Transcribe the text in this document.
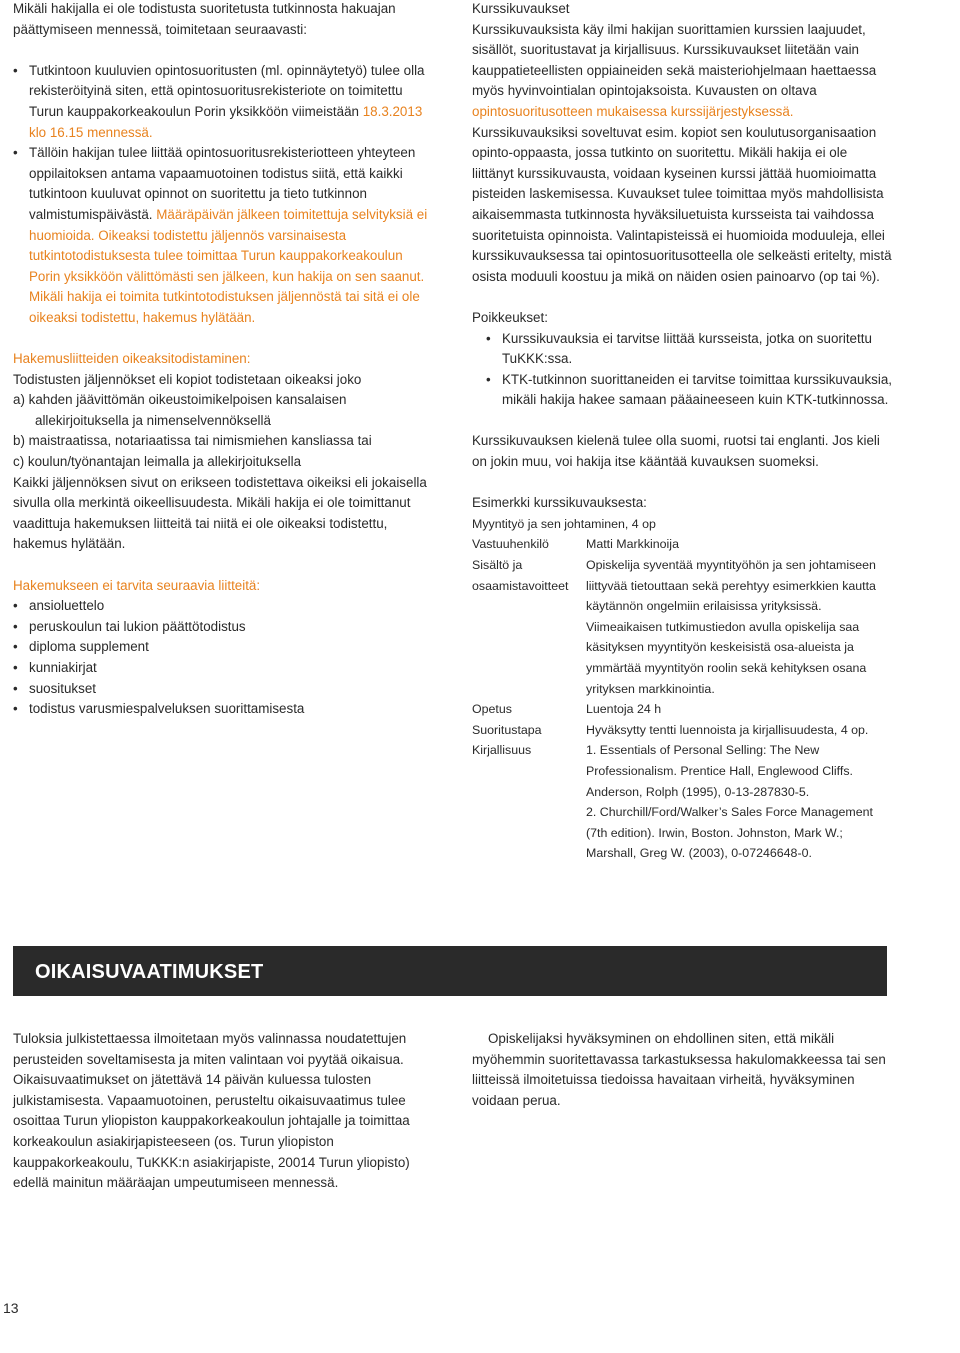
Mikäli hakijalla ei ole todistusta suoritetusta tutkinnosta hakuajan päättymiseen mennessä, toimitetaan seuraavasti:

• Tutkintoon kuuluvien opintosuoritusten (ml. opinnäytetyö) tulee olla rekisteröityinä siten, että opintosuoritusrekisteriote on toimitettu Turun kauppakorkeakoulun Porin yksikköön viimeistään 18.3.2013 klo 16.15 mennessä.
• Tällöin hakijan tulee liittää opintosuoritusrekisteriotteen yhteyteen oppilaitoksen antama vapaamuotoinen todistus siitä, että kaikki tutkintoon kuuluvat opinnot on suoritettu ja tieto tutkinnon valmistumispäivästä. Määräpäivän jälkeen toimitettuja selvityksiä ei huomioida. Oikeaksi todistettu jäljennös varsinaisesta tutkintotodistuksesta tulee toimittaa Turun kauppakorkeakoulun Porin yksikköön välittömästi sen jälkeen, kun hakija on sen saanut. Mikäli hakija ei toimita tutkintotodistuksen jäljennöstä tai sitä ei ole oikeaksi todistettu, hakemus hylätään.

Hakemusliitteiden oikeaksitodistaminen:

Todistusten jäljennökset eli kopiot todistetaan oikeaksi joko

a) kahden jäävittömän oikeustoimikelpoisen kansalaisen allekirjoituksella ja nimenselvennöksellä

b) maistraatissa, notariaatissa tai nimismiehen kansliassa tai

c) koulun/työnantajan leimalla ja allekirjoituksella

Kaikki jäljennöksen sivut on erikseen todistettava oikeiksi eli jokaisella sivulla olla merkintä oikeellisuudesta. Mikäli hakija ei ole toimittanut vaadittuja hakemuksen liitteitä tai niitä ei ole oikeaksi todistettu, hakemus hylätään.

Hakemukseen ei tarvita seuraavia liitteitä:

• ansioluettelo
• peruskoulun tai lukion päättötodistus
• diploma supplement
• kunniakirjat
• suositukset
• todistus varusmiespalveluksen suorittamisesta

Kurssikuvaukset

Kurssikuvauksista käy ilmi hakijan suorittamien kurssien laajuudet, sisällöt, suoritustavat ja kirjallisuus. Kurssikuvaukset liitetään vain kauppatieteellisten oppiaineiden sekä maisteriohjelmaan haettaessa myös hyvinvointialan opintojaksoista. Kuvausten on oltava opintosuoritusotteen mukaisessa kurssijärjestyksessä. Kurssikuvauksiksi soveltuvat esim. kopiot sen koulutusorganisaation opinto-oppaasta, jossa tutkinto on suoritettu. Mikäli hakija ei ole liittänyt kurssikuvausta, voidaan kyseinen kurssi jättää huomioimatta pisteiden laskemisessa. Kuvaukset tulee toimittaa myös mahdollisista aikaisemmasta tutkinnosta hyväksiluetuista kursseista tai vaihdossa suoritetuista opinnoista. Valintapisteissä ei huomioida moduuleja, ellei kurssikuvauksessa tai opintosuoritusotteella ole selkeästi eritelty, mistä osista moduuli koostuu ja mikä on näiden osien painoarvo (op tai %).

Poikkeukset:

• Kurssikuvauksia ei tarvitse liittää kursseista, jotka on suoritettu TuKKK:ssa.
• KTK-tutkinnon suorittaneiden ei tarvitse toimittaa kurssikuvauksia, mikäli hakija hakee samaan pääaineeseen kuin KTK-tutkinnossa.

Kurssikuvauksen kielenä tulee olla suomi, ruotsi tai englanti. Jos kieli on jokin muu, voi hakija itse kääntää kuvauksen suomeksi.

Esimerkki kurssikuvauksesta:

Myyntityö ja sen johtaminen, 4 op

Vastuuhenkilö	Matti Markkinoija
Sisältö ja
osaamistavoitteet	Opiskelija syventää myyntityöhön ja sen johtamiseen liittyvää tietouttaan sekä perehtyy esimerkkien kautta käytännön ongelmiin erilaisissa yrityksissä. Viimeaikaisen tutkimustiedon avulla opiskelija saa käsityksen myyntityön keskeisistä osa-alueista ja ymmärtää myyntityön roolin sekä kehityksen osana yrityksen markkinointia.
Opetus	Luentoja 24 h
Suoritustapa	Hyväksytty tentti luennoista ja kirjallisuudesta, 4 op.
Kirjallisuus	1. Essentials of Personal Selling: The New Professionalism. Prentice Hall, Englewood Cliffs. Anderson, Rolph (1995), 0-13-287830-5.
2. Churchill/Ford/Walker’s Sales Force Management (7th edition). Irwin, Boston. Johnston, Mark W.; Marshall, Greg W. (2003), 0-07246648-0.
OIKAISUVAATIMUKSET
Tuloksia julkistettaessa ilmoitetaan myös valinnassa noudatettujen perusteiden soveltamisesta ja miten valintaan voi pyytää oikaisua. Oikaisuvaatimukset on jätettävä 14 päivän kuluessa tulosten julkistamisesta. Vapaamuotoinen, perusteltu oikaisuvaatimus tulee osoittaa Turun yliopiston kauppakorkeakoulun johtajalle ja toimittaa korkeakoulun asiakirjapisteeseen (os. Turun yliopiston kauppakorkeakoulu, TuKKK:n asiakirjapiste, 20014 Turun yliopisto) edellä mainitun määräajan umpeutumiseen mennessä.
Opiskelijaksi hyväksyminen on ehdollinen siten, että mikäli myöhemmin suoritettavassa tarkastuksessa hakulomakkeessa tai sen liitteissä ilmoitetuissa tiedoissa havaitaan virheitä, hyväksyminen voidaan perua.
13
